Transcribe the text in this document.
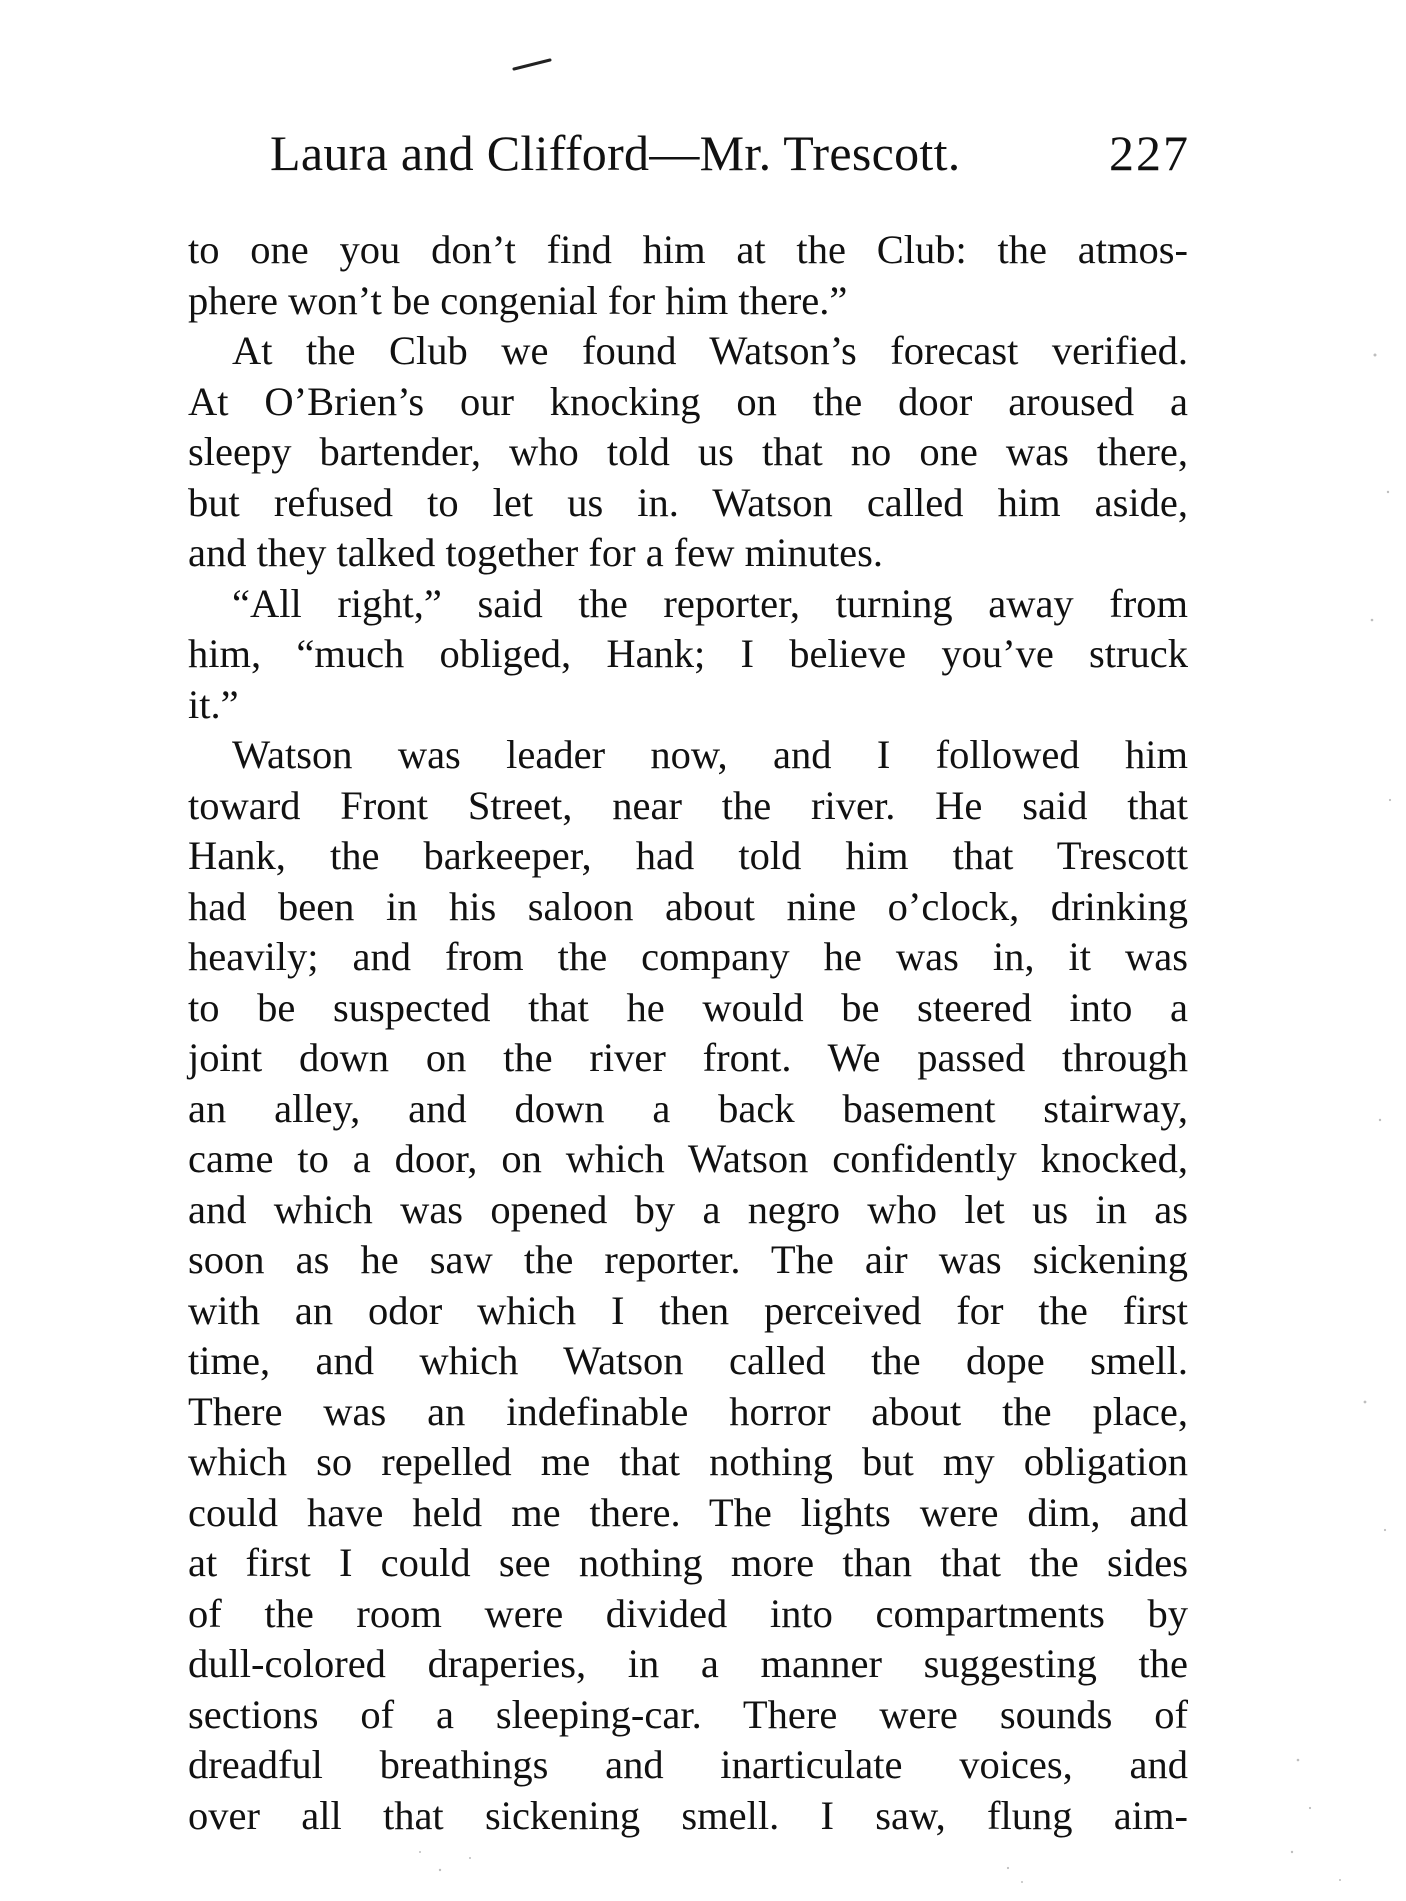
Laura and Clifford—Mr. Trescott.	227
to one you don’t find him at the Club: the atmos-
phere won’t be congenial for him there.”
At the Club we found Watson’s forecast verified.
At O’Brien’s our knocking on the door aroused a
sleepy bartender, who told us that no one was there,
but refused to let us in. Watson called him aside,
and they talked together for a few minutes.
“All right,” said the reporter, turning away from
him, “much obliged, Hank; I believe you’ve struck
it.”
Watson was leader now, and I followed him
toward Front Street, near the river. He said that
Hank, the barkeeper, had told him that Trescott
had been in his saloon about nine o’clock, drinking
heavily; and from the company he was in, it was
to be suspected that he would be steered into a
joint down on the river front. We passed through
an alley, and down a back basement stairway,
came to a door, on which Watson confidently knocked,
and which was opened by a negro who let us in as
soon as he saw the reporter. The air was sickening
with an odor which I then perceived for the first
time, and which Watson called the dope smell.
There was an indefinable horror about the place,
which so repelled me that nothing but my obligation
could have held me there. The lights were dim, and
at first I could see nothing more than that the sides
of the room were divided into compartments by
dull-colored draperies, in a manner suggesting the
sections of a sleeping-car. There were sounds of
dreadful breathings and inarticulate voices, and
over all that sickening smell. I saw, flung aim-
